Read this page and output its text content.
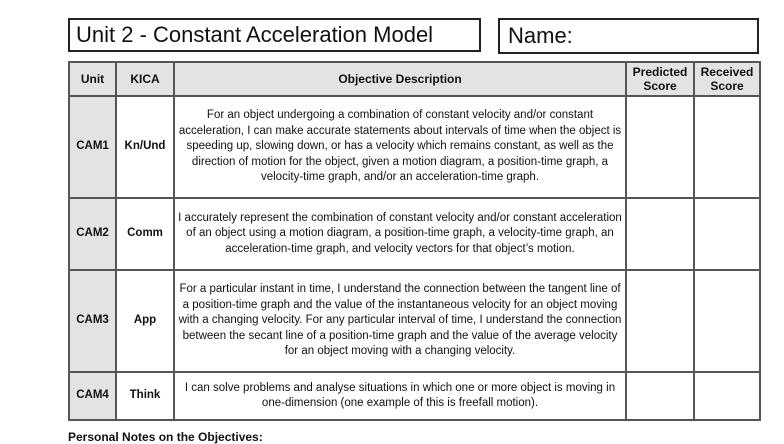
Unit 2 - Constant Acceleration Model	Name:
Unit	KICA	Objective Description	Predicted Score	Received Score
CAM1	Kn/Und	For an object undergoing a combination of constant velocity and/or constant acceleration, I can make accurate statements about intervals of time when the object is speeding up, slowing down, or has a velocity which remains constant, as well as the direction of motion for the object, given a motion diagram, a position-time graph, a velocity-time graph, and/or an acceleration-time graph.		
CAM2	Comm	I accurately represent the combination of constant velocity and/or constant acceleration of an object using a motion diagram, a position-time graph, a velocity-time graph, an acceleration-time graph, and velocity vectors for that object’s motion.		
CAM3	App	For a particular instant in time, I understand the connection between the tangent line of a position-time graph and the value of the instantaneous velocity for an object moving with a changing velocity. For any particular interval of time, I understand the connection between the secant line of a position-time graph and the value of the average velocity for an object moving with a changing velocity.		
CAM4	Think	I can solve problems and analyse situations in which one or more object is moving in one-dimension (one example of this is freefall motion).		
Personal Notes on the Objectives:
